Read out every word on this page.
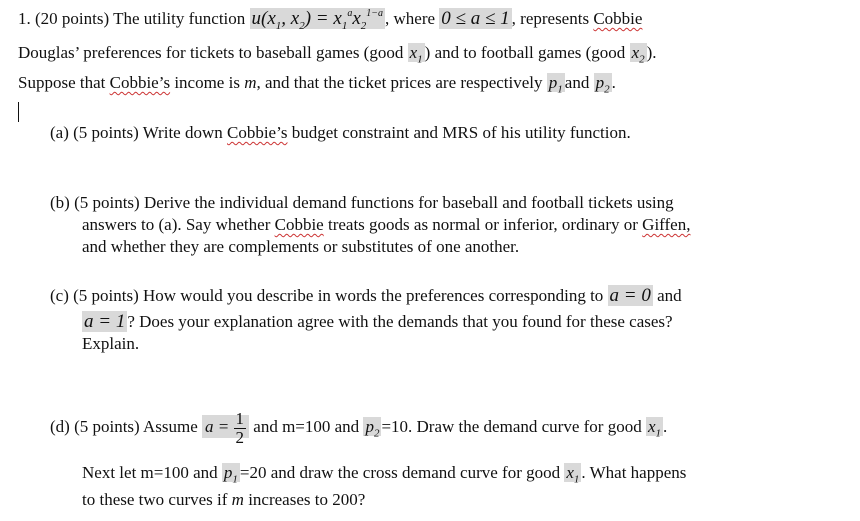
1. (20 points) The utility function $u(x_1$, $x_2) = x_1^ax_2^{1-a}$ , where 0 ≤ a ≤ 1 , represents Cobbie
Douglas’ preferences for tickets to baseball games (good $x_1$ ) and to football games (good $x_2$ ).
Suppose that Cobbie’s income is m, and that the ticket prices are respectively $p_1$ and $p_2$ .
(a) (5 points) Write down Cobbie’s budget constraint and MRS of his utility function.
(b) (5 points) Derive the individual demand functions for baseball and football tickets using
answers to (a). Say whether Cobbie treats goods as normal or inferior, ordinary or Giffen,
and whether they are complements or substitutes of one another.
(c) (5 points) How would you describe in words the preferences corresponding to a = 0 and
a = 1 ? Does your explanation agree with the demands that you found for these cases?
Explain.
(d) (5 points) Assume $a = \frac{1}{2}$ and m=100 and $p_2 =10$. Draw the demand curve for good $x_1$ .
Next let m=100 and $p_1 =20$ and draw the cross demand curve for good $x_1$ . What happens
to these two curves if m increases to 200?
